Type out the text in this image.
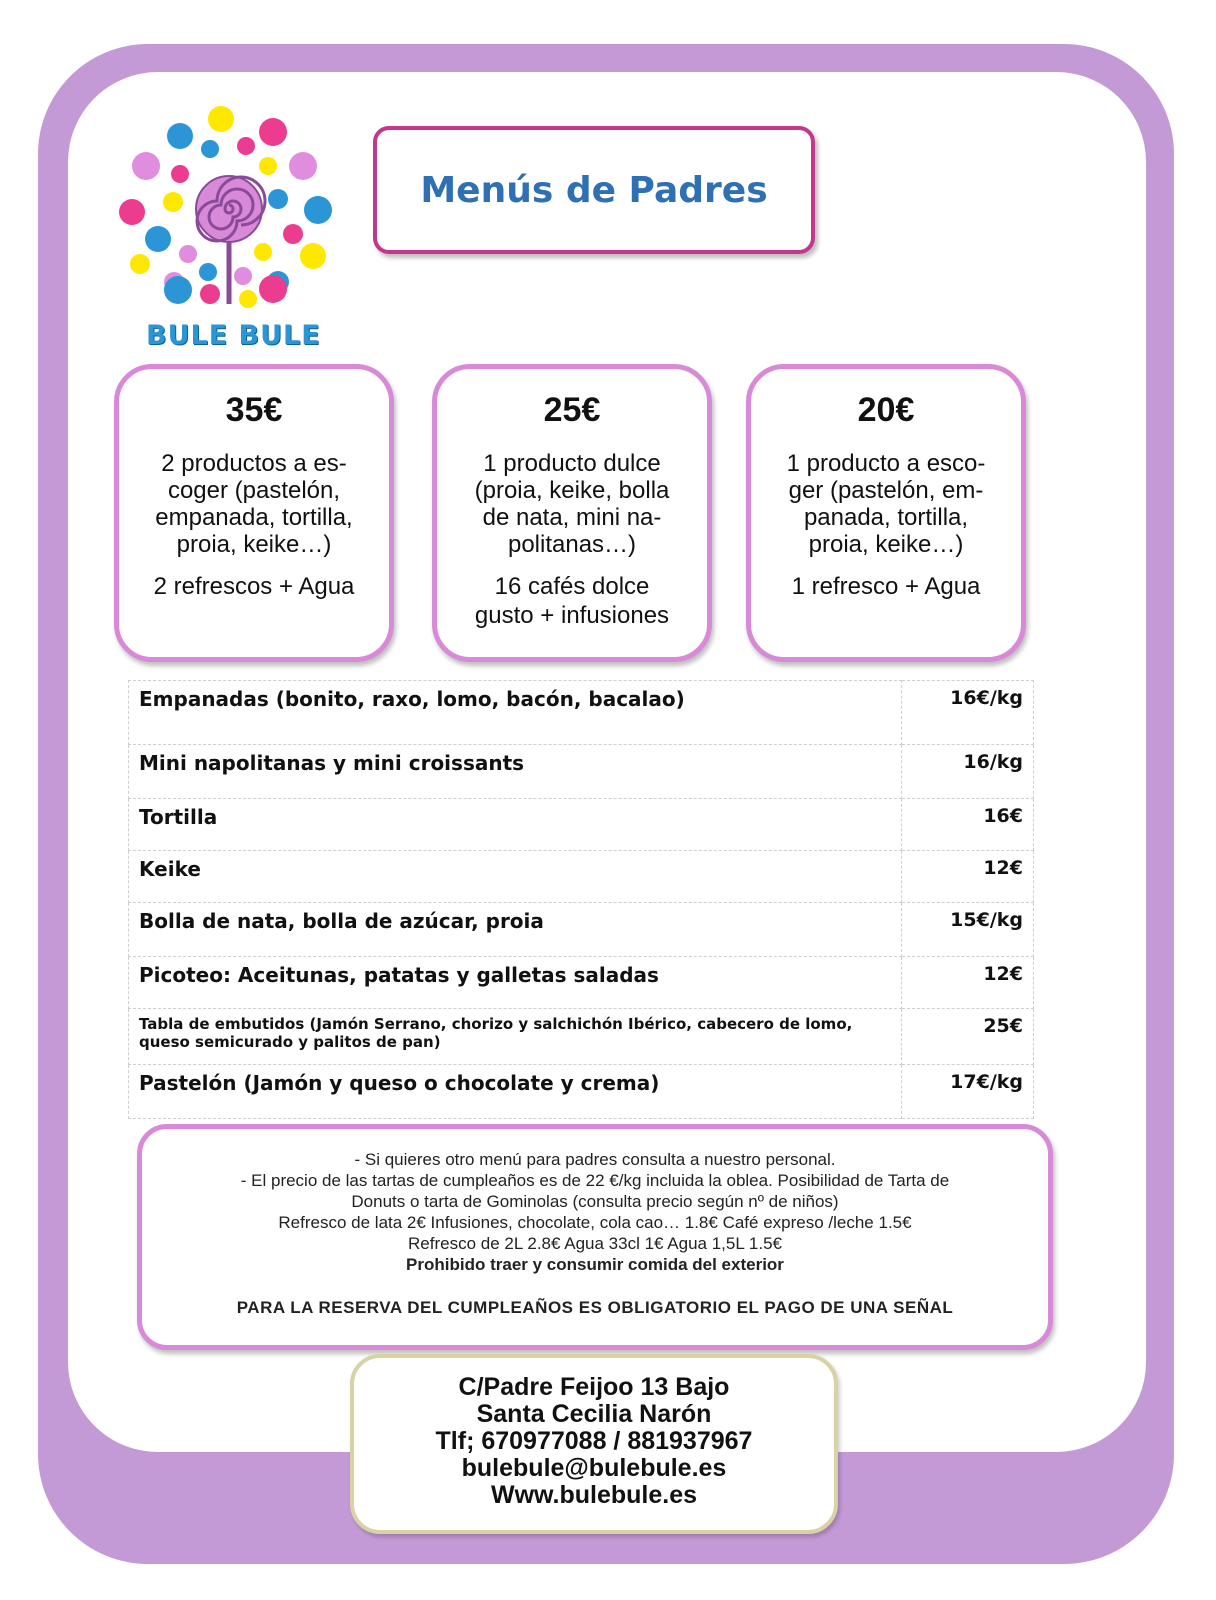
BULE BULE
Menús de Padres
35€
2 productos a es-
coger (pastelón,
empanada, tortilla,
proia, keike…)
2 refrescos + Agua
25€
1 producto dulce
(proia, keike, bolla
de nata, mini na-
politanas…)
16 cafés dolce
gusto + infusiones
20€
1 producto a esco-
ger (pastelón, em-
panada, tortilla,
proia, keike…)
1 refresco + Agua
Empanadas (bonito, raxo, lomo, bacón, bacalao)	16€/kg
Mini napolitanas y mini croissants	16/kg
Tortilla	16€
Keike	12€
Bolla de nata, bolla de azúcar, proia	15€/kg
Picoteo: Aceitunas, patatas y galletas saladas	12€
Tabla de embutidos (Jamón Serrano, chorizo y salchichón Ibérico, cabecero de lomo, queso semicurado y palitos de pan)	25€
Pastelón (Jamón y queso o chocolate y crema)	17€/kg
- Si quieres otro menú para padres consulta a nuestro personal.
- El precio de las tartas de cumpleaños es de 22 €/kg incluida la oblea. Posibilidad de Tarta de
Donuts o tarta de Gominolas (consulta precio según nº de niños)
Refresco de lata 2€ Infusiones, chocolate, cola cao… 1.8€ Café expreso /leche 1.5€
Refresco de 2L 2.8€ Agua 33cl 1€ Agua 1,5L 1.5€
Prohibido traer y consumir comida del exterior
PARA LA RESERVA DEL CUMPLEAÑOS ES OBLIGATORIO EL PAGO DE UNA SEÑAL
C/Padre Feijoo 13 Bajo
Santa Cecilia Narón
Tlf; 670977088 / 881937967
bulebule@bulebule.es
Www.bulebule.es
